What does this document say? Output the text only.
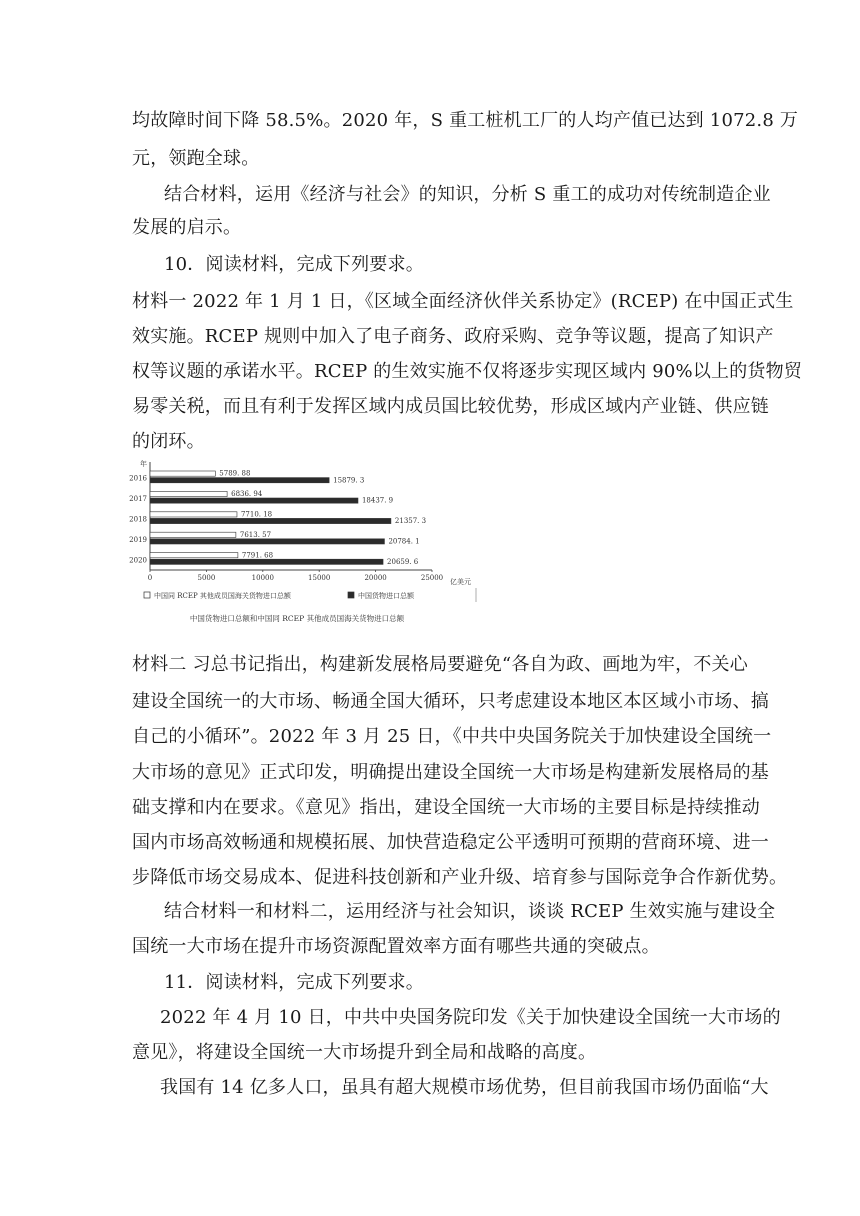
均故障时间下降 58.5%。2020 年，S 重工桩机工厂的人均产值已达到 1072.8 万
元，领跑全球。
结合材料，运用《经济与社会》的知识，分析 S 重工的成功对传统制造企业
发展的启示。
10．阅读材料，完成下列要求。
材料一 2022 年 1 月 1 日，《区域全面经济伙伴关系协定》(RCEP) 在中国正式生
效实施。RCEP 规则中加入了电子商务、政府采购、竞争等议题，提高了知识产
权等议题的承诺水平。RCEP 的生效实施不仅将逐步实现区域内 90%以上的货物贸
易零关税，而且有利于发挥区域内成员国比较优势，形成区域内产业链、供应链
的闭环。
年
0	5000	10000	15000	20000	25000 亿美元
2016
5789. 88
15879. 3
2017
6836. 94
18437. 9
2018
7710. 18
21357. 3
2019
7613. 57
20784. 1
2020
7791. 68
20659. 6
中国同 RCEP 其他成员国海关货物进口总额	中国货物进口总额
中国货物进口总额和中国同 RCEP 其他成员国海关货物进口总额
材料二 习总书记指出，构建新发展格局要避免“各自为政、画地为牢，不关心
建设全国统一的大市场、畅通全国大循环，只考虑建设本地区本区域小市场、搞
自己的小循环”。2022 年 3 月 25 日，《中共中央国务院关于加快建设全国统一
大市场的意见》正式印发，明确提出建设全国统一大市场是构建新发展格局的基
础支撑和内在要求。《意见》指出，建设全国统一大市场的主要目标是持续推动
国内市场高效畅通和规模拓展、加快营造稳定公平透明可预期的营商环境、进一
步降低市场交易成本、促进科技创新和产业升级、培育参与国际竞争合作新优势。
结合材料一和材料二，运用经济与社会知识，谈谈 RCEP 生效实施与建设全
国统一大市场在提升市场资源配置效率方面有哪些共通的突破点。
11．阅读材料，完成下列要求。
2022 年 4 月 10 日，中共中央国务院印发《关于加快建设全国统一大市场的
意见》，将建设全国统一大市场提升到全局和战略的高度。
我国有 14 亿多人口，虽具有超大规模市场优势，但目前我国市场仍面临“大
